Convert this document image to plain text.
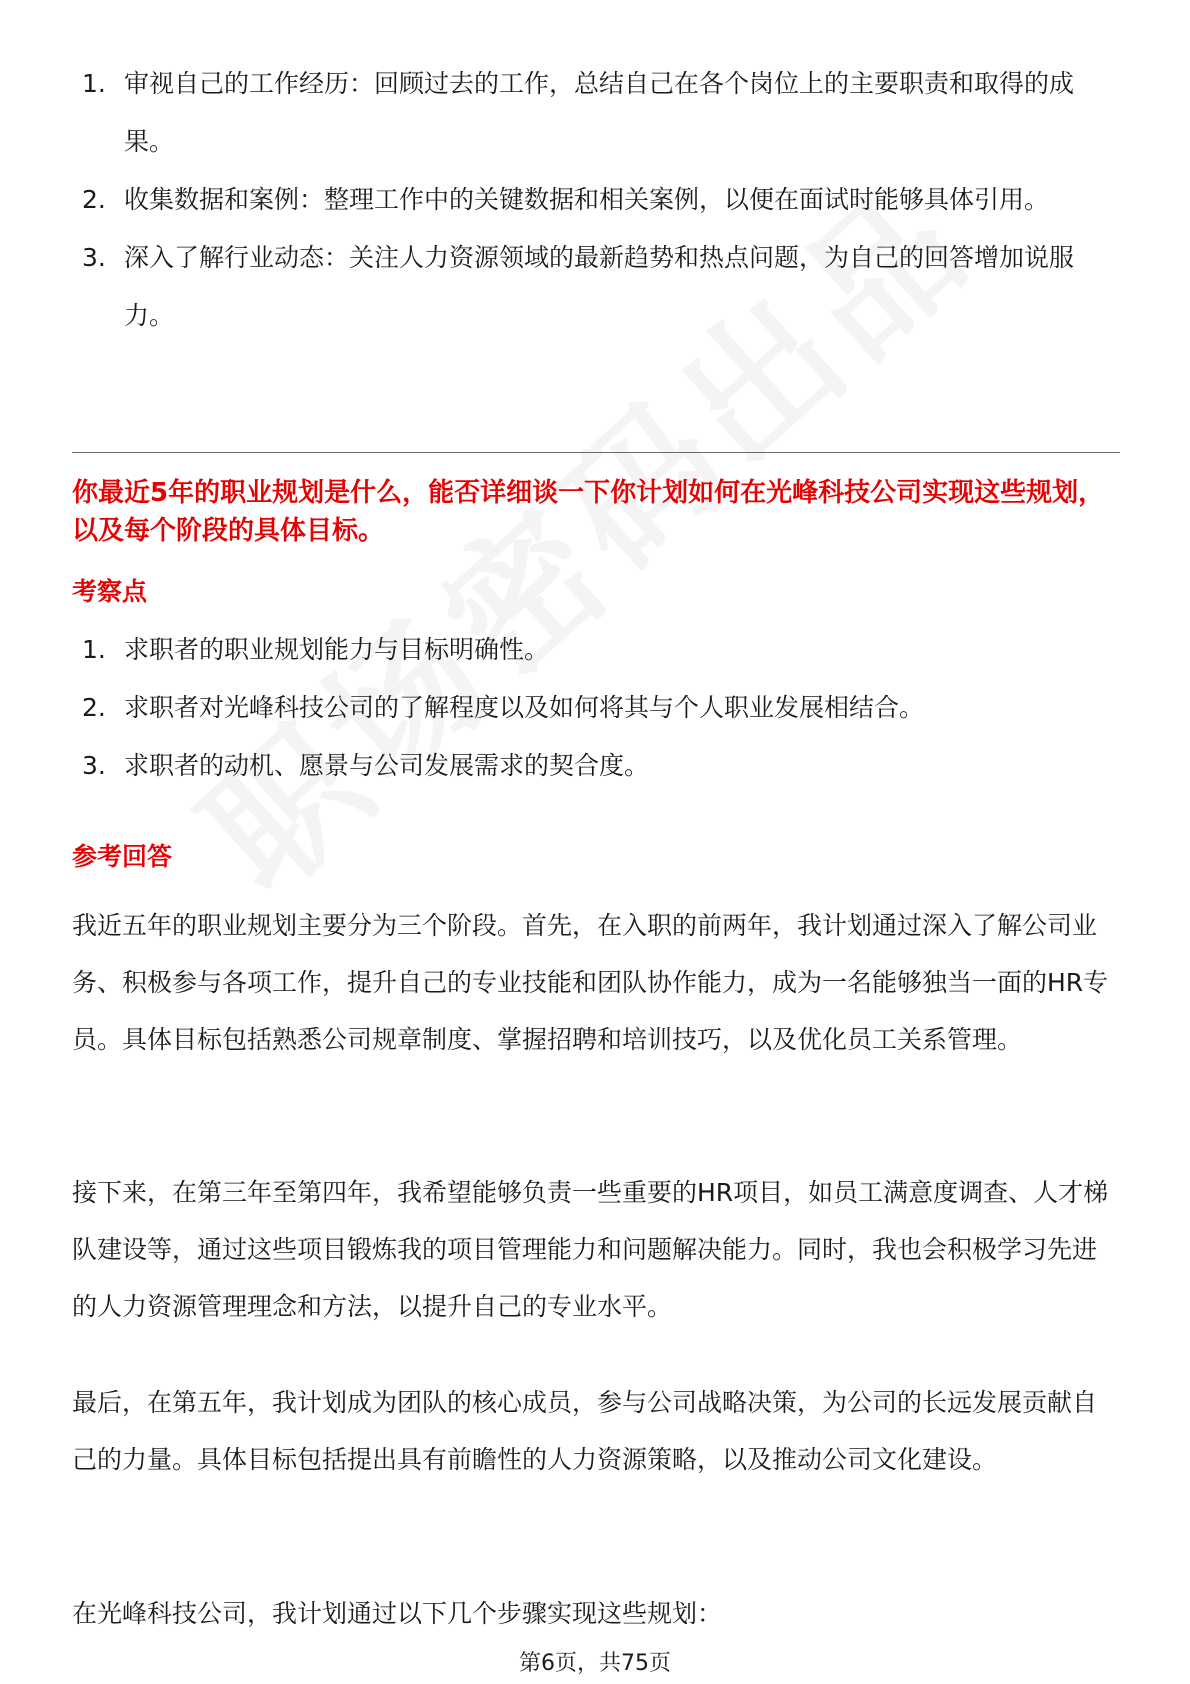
1. 审视自己的工作经历：回顾过去的工作，总结自己在各个岗位上的主要职责和取得的成果。
2. 收集数据和案例：整理工作中的关键数据和相关案例，以便在面试时能够具体引用。
3. 深入了解行业动态：关注人力资源领域的最新趋势和热点问题，为自己的回答增加说服力。

你最近5年的职业规划是什么，能否详细谈一下你计划如何在光峰科技公司实现这些规划，以及每个阶段的具体目标。

考察点
1. 求职者的职业规划能力与目标明确性。
2. 求职者对光峰科技公司的了解程度以及如何将其与个人职业发展相结合。
3. 求职者的动机、愿景与公司发展需求的契合度。
参考回答

我近五年的职业规划主要分为三个阶段。首先，在入职的前两年，我计划通过深入了解公司业务、积极参与各项工作，提升自己的专业技能和团队协作能力，成为一名能够独当一面的HR专员。具体目标包括熟悉公司规章制度、掌握招聘和培训技巧，以及优化员工关系管理。

接下来，在第三年至第四年，我希望能够负责一些重要的HR项目，如员工满意度调查、人才梯队建设等，通过这些项目锻炼我的项目管理能力和问题解决能力。同时，我也会积极学习先进的人力资源管理理念和方法，以提升自己的专业水平。

最后，在第五年，我计划成为团队的核心成员，参与公司战略决策，为公司的长远发展贡献自己的力量。具体目标包括提出具有前瞻性的人力资源策略，以及推动公司文化建设。

在光峰科技公司，我计划通过以下几个步骤实现这些规划：

第6页，共75页
